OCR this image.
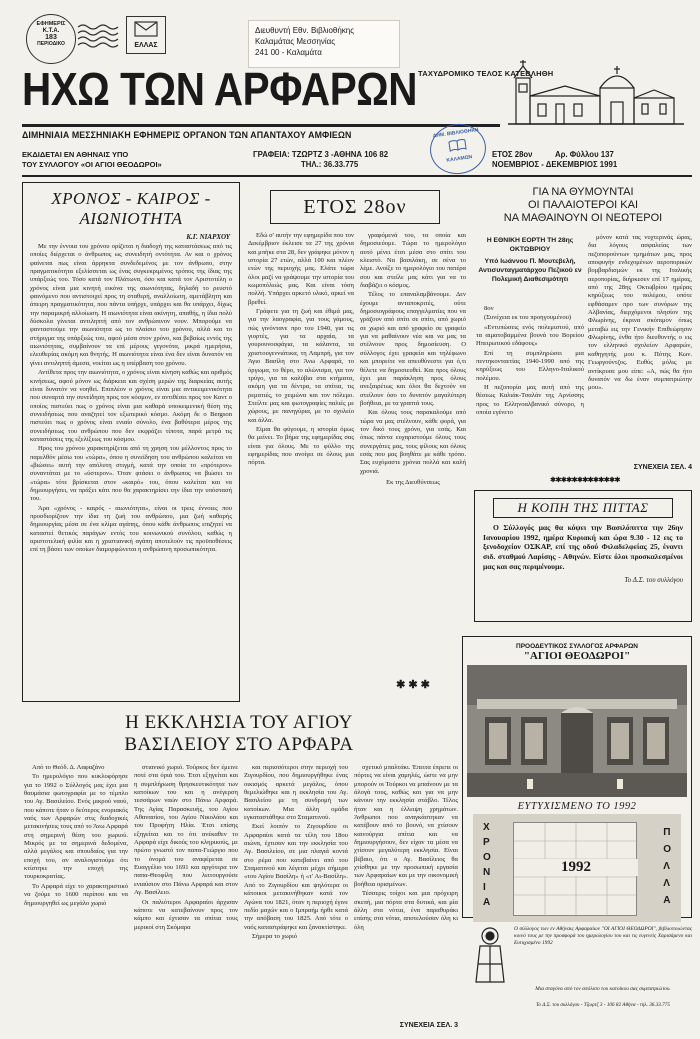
ΕΦΗΜΕΡΙΣ
Κ.Τ.Α.
183
ΠΕΡΙΟΔΙΚΟ	ΕΛΛΑΣ
Διευθυντή Εθν. Βιβλιοθήκης
Καλαμάτας Μεσσηνίας
241 00 - Καλαμάτα
ΤΑΧΥΔΡΟΜΙΚΟ ΤΕΛΟΣ ΚΑΤΕΒΛΗΘΗ
ΗΧΩ ΤΩΝ ΑΡΦΑΡΩΝ
ΔΙΜΗΝΙΑΙΑ ΜΕΣΣΗΝΙΑΚΗ ΕΦΗΜΕΡΙΣ ΟΡΓΑΝΟΝ ΤΩΝ ΑΠΑΝΤΑΧΟΥ ΑΜΦΙΕΩΝ	ΔΗΜ. ΒΙΒΛΙΟΘΗΚΗ
ΚΑΛΑΜΩΝ
ΕΚΔΙΔΕΤΑΙ ΕΝ ΑΘΗΝΑΙΣ ΥΠΟ
ΤΟΥ ΣΥΛΛΟΓΟΥ «ΟΙ ΑΓΙΟΙ ΘΕΟΔΩΡΟΙ»
ΓΡΑΦΕΙΑ: ΤΖΩΡΤΖ 3 -ΑΘΗΝΑ 106 82
ΤΗΛ.: 36.33.775
ΕΤΟΣ 28ον	Αρ. Φύλλου 137
ΝΟΕΜΒΡΙΟΣ - ΔΕΚΕΜΒΡΙΟΣ 1991
ΧΡΟΝΟΣ - ΚΑΙΡΟΣ -
ΑΙΩΝΙΟΤΗΤΑ
Κ.Γ. ΝΙΑΡΧΟΥ

Με την έννοια του χρόνου ορίζεται η διαδοχή της καταστάσεως από τις οποίες διέρχεται ο άνθρωπος ως συνειδητή οντότητα. Αν και ο χρόνος φαίνεται πως είναι άρρηκτα συνδεδεμένος με τον άνθρωπο, στην πραγματικότητα εξελίσσεται ως ένας συγκεκριμένος τρόπος της ίδιας της υπάρξεώς του. Τόσο κατά τον Πλάτωνα, όσο και κατά τον Αριστοτέλη ο χρόνος είναι μια κινητή εικόνα της αιωνιότητας, δηλαδή το ρευστό φαινόμενο που αντιστοιχεί προς τη σταθερή, αναλλοίωτη, αμετάβλητη και άπειρη πραγματικότητα, που πάντα υπήρχε, υπάρχει και θα υπάρχει, δίχως την παραμικρή αλλοίωση. Η αιωνιότητα είναι ακίνητη, απαθής, η ίδια πολύ δύσκολα γίνεται αντιληπτή από τον ανθρώπινον νουν. Μπορούμε να φανταστούμε την αιωνιότητα ως το πλαίσιο του χρόνου, αλλά και το στήριγμα της υπάρξεώς του, αφού μέσα στον χρόνο, και βεβαίως εντός της αιωνιότητας, συμβαίνουν τα επί μέρους γεγονότα, μικρά ημερήσια, ελευθερίας ακόμη και θνητής. Η αιωνιότητα είναι ένα δεν είναι δυνατόν να γίνει αντιληπτή άμεσα, νοείται ως η υπέρβαση του χρόνου.

Αντίθετα προς την αιωνιότητα, ο χρόνος είναι κίνηση καθώς και αριθμός κινήσεως, αφού μόνον ως διάρκεια και σχέση μερών της διαρκείας αυτής είναι δυνατόν να νοηθεί. Επιπλέον ο χρόνος είναι μια αντικειμενικότητα που συναρτά την συνείδηση προς τον κόσμον, εν αντιθέσει προς τον Καντ ο οποίος πιστεύει πως ο χρόνος είναι μια καθαρά υποκειμενική θέση της συνειδήσεως που αναζητεί τον εξωτερικό κόσμο. Ακόμη δε ο Bergson πιστεύει πως ο χρόνος είναι ενιαίο σύνολο, ένα βαθύτερα μέρος της συνειδήσεως του ανθρώπου που δεν εκφράζει τίποτα, παρά μετρά τις καταστάσεις της εξελίξεως του κόσμου.

Ηρος του χρόνου χαρακτηρίζεται από τη χρηση του μέλλοντος προς το παρελθόν μέσω του «τώρα», όπου η συνείδηση του ανθρώπου καλείται να «βιώσει» αυτή την απόλυτη στιγμή, κατά την οποία το «πρότερον» συναντάται με το «ύστερον». Όταν φτάσει ο άνθρωπος να βιώσει το «τώρα» τότε βρίσκεται στον «καιρό» του, όπου καλείται και να δημιουργήσει, να πράξει κάτι που θα χαρακτηρίσει την ίδια την υπόστασή του.

Άρα «χρόνος - καιρός - αιωνιότητα», είναι οι τρεις έννοιες που προσδιορίζουν την ίδια τη ζωή του ανθρώπου, μια ζωή καθαρής δημιουργίας μέσα σε ένα κλίμα αγάπης, όπου κάθε άνθρωπος επιζητεί να καταστεί θετικός παράγων εντός του κοινωνικού συνόλου, καθώς η αριστοτελική φιλία και η χριστιανική αγάπη αποτελούν τις προϋποθέσεις επί τη βάσει των οποίων διαμορφώνεται η ανθρώπινη προσωπικότητα.

ΕΤΟΣ 28ον

Εδώ σ' αυτήν την εφημερίδα που τον Δεκέμβριον έκλεισε τα 27 της χρόνια και μπήκε στα 28, δεν γράφηκε μόνον η ιστορία 27 ετών, αλλά 100 και πλέον ετών της περιοχής μας. Ελάτε τώρα όλοι μαζί να γράψουμε την ιστορία του κωμοπόλεώς μας. Και είναι τόση πολλή. Υπάρχει αρκετό υλικό, αρκεί να βρεθεί.

Γράφετε για τη ζωή και έθιμά μας, για την λαογραφία, για τους γάμους, πώς γινόντανε προ του 1940, για τις γιορτές, για τα αρχαία, τα γουρουνοσφάγια, τα κάλαντα, τα χριστουγεννιάτικα, τη Λαμπρή, για τον Άγιο Βασίλη στο Άνω Αρφαρά, το όργωμα, το θέρο, το αλώνισμα, για τον τρύγο, για τα καλύβια στα κτήματα, ακόμη για τα δέντρα, τα σπίτια, τις ρεματιές, το χειμώνα και τον πόλεμο. Στείλτε μας και φωτογραφίες παλιές με χώρους, με πανηγύρια, με το σχολείο και άλλα.

Είμαι θα φύγουμε, η ιστορία όμως θα μείνει. Το βήμα της εφημερίδας σας είναι για όλους. Με το φύλλο της εφημερίδας που ανοίγει σε όλους μια πόρτα.

γραφόμενά του, τα οποία και δημοσιεύομε. Τώρα το ημερολόγιο αυτό μένει έτσι μέσα στο σπίτι του κλειστό. Να βασιλάκη, σε σένα το λέμε. Ανοίξε το ημερολόγιο του πατέρα σου και στείλε μας κάτι για να το διαβάζει ο κόσμος.

Τέλος το επαναλαμβάνουμε. Δεν έχουμε ανταποκριτές, ούτε δημοσιογράφους επαγγελματίες που να γράζουν από σπίτι σε σπίτι, από χωριό σε χωριό και από γραφείο σε γραφείο για να μαθαίνουν νέα και να μας τα στέλνουν προς δημοσίευση. Ο σύλλογος έχει γραφεία και τηλέφωνο και μπορείτε να απευθύνεστε για ό,τι θέλετε να δημοσιευθεί. Και προς όλους έχει μια παράκληση προς όλους ανεξαιρέτως και όλοι θα δεχτούν να στείλουν όσο το δυνατόν μαγαλύτερη βοήθεια, με τα γραπτά τους.

Και όλους τους παρακαλούμε από τώρα να μας στέλνουν, κάθε φορά, για τον δικό τους χρόνο, για εσάς. Και όπως πάντα ευχαριστούμε όλους τους συνεργάτες μας, τους φίλους και όλους εσάς που μας βοηθάτε με κάθε τρόπο. Σας ευχόμαστε χρόνια πολλά και καλή χρονιά.

Εκ της Διευθύνσεως

✱ ✱ ✱
ΓΙΑ ΝΑ ΘΥΜΟΥΝΤΑΙ
ΟΙ ΠΑΛΑΙΟΤΕΡΟΙ ΚΑΙ
ΝΑ ΜΑΘΑΙΝΟΥΝ ΟΙ ΝΕΩΤΕΡΟΙ
Η ΕΘΝΙΚΗ ΕΟΡΤΗ ΤΗ 28ης ΟΚΤΩΒΡΙΟΥ
Υπό Ιωάννου Π. Μουτεβελή, Αντισυνταγματάρχου Πεζικού εν Πολεμική Διαθεσιμότητι

8ον

(Συνέχεια εκ του προηγουμένου)

«Εντυπώσεις ενός πολεμιστού, από τα αιματοβαμμένα βουνά του Βορείου Ηπειρωτικού εδάφους»

Επί τη συμπληρώσει μια πεντηκονταετίας 1940-1990 από της κηρύξεως του Ελληνο-Ιταλικού πολέμου.

Η πεζοπορία μας αυτή από της θέσεως Καλιάκ-Τσαλάν της Αρνίσσης προς το Ελληνοαλβανικό σύνορο, η οποία εγένετο

μόνον κατά τας νυχτερινάς ώρας, δια λόγους ασφαλείας των πεζοπορούντων τμημάτων μας, προς αποφυγήν ενδεχομένων αεροπορικών βομβαρδισμών εκ της Ιταλικής αεροπορίας, διήρκεσεν επί 17 ημέρας, από της 28ης Οκτωβρίου ημέρας κηρύξεως του πολέμου, οπότε εφθάσαμεν προ των συνόρων της Αλβανίας, διερχόμενοι πλησίον της Φλωρίνης, έκρινα σκόπιμον όπως μεταβώ εις την Γενικήν Επιθεώρησιν Φλωρίνης, ένθα ήτο διευθυντής ο εις τον ελληνικό σχολείον Αρφαρών, καθηγητής μου κ. Πότης Κων. Γεωργούντζος. Ευθύς μόλις με αντίκρυσε μου είπε: «Α, πώς θα ήτο δυνατόν να δω έναν συμπατριώτην μου».

ΣΥΝΕΧΕΙΑ ΣΕΛ. 4
✱✱✱✱✱✱✱✱✱✱✱✱✱
Η ΚΟΠΗ ΤΗΣ ΠΙΤΤΑΣ
Ο Σύλλογός μας θα κόψει την Βασιλόπιττα την 26ην Ιανουαρίου 1992, ημέρα Κυριακή και ώρα 9.30 - 12 εις το ξενοδοχείον ΟΣΚΑΡ, επί της οδού Φιλαδελφείας 25, έναντι σιδ. σταθμού Λαρίσης - Αθηνών. Είστε όλοι προσκαλεσμένοι μας και σας περιμένουμε.
Το Δ.Σ. του συλλόγου
Η ΕΚΚΛΗΣΙΑ ΤΟΥ ΑΓΙΟΥ
ΒΑΣΙΛΕΙΟΥ ΣΤΟ ΑΡΦΑΡΑ

Από το Θεόδ. Δ. Λαφαζάνο

Το ημερολόγιο που κυκλοφόρησε για το 1992 ο Σύλλογός μας έχει μια θαυμάσια φωτογραφία με το τέμπλο του Αγ. Βασιλείου. Ενός μικρού ναού, που κάποτε ήταν ο δεύτερος ενοριακός ναός των Αρφαρών στις διαδοχικές μετακινήσεις τους από το Άνω Αρφαρά στη σημερινή θέση του χωριού. Μικρός με τα σημερινά δεδομένα, αλλά μεγάλος και σπουδαίος για την εποχή του, αν αναλογιστούμε ότι κτίστηκε την εποχή της τουρκοκρατίας.

Το Αρφαρά είχε το χαρακτηριστικό να ζούμε το 1600 περίπου και να δημιουργηθεί ως μεγάλο χωριό

στιανικό χωριό. Τούρκος δεν έμεινε ποτέ στα όριά του. Έτσι εξηγείται και η συμπλήρωση θρησκευτικότητα των κατοίκων του και η ανέγερση τεσσάρων ναών στο Πάνω Αρφαρά. Της Αγίας Παρασκευής, του Αγίου Αθανασίου, του Αγίου Νικολάου και του Προφήτη Ηλία. Έτσι επίσης εξηγείται και το ότι ανέκαθεν το Αρφαρά είχε δικούς του κληρικούς, με πρώτο γνωστό τον παπα-Γεώργιο που το όνομά του αναφέρεται σε Ευαγγέλιο του 1691 και αργότερα τον παπα-Θεοφίλη που λειτουργούσε ενιαύσιον στο Πάνω Αρφαρά και στον Αγ. Βασίλειο.

Οι παλιότεροι Αρφαραίοι άρχισαν κάποτε να κατεβαίνουν προς τον κάμπο και έχτισαν τα σπίτια τους μερικοί στη Σκόμαρα

και περισσότεροι στην περιοχή του Ζιγουρδίου, που δημιουργήθηκε ένας οικισμός αρκετά μεγάλος, όπου θεμελιώθηκε και η εκκλησία του Αγ. Βασιλείου με τη συνδρομή των κατοίκων. Μια άλλη ομάδα εγκαταστάθηκε στο Σταματινού.

Εκεί λοιπόν το Ζιγουρδίου οι Αρφαραίοι κατά τα τέλη του 18ου αιώνα, έχτισαν και την εκκλησία του Αγ. Βασιλείου, σε μια πλαγιά κοντά στο ρέμα που κατεβαίνει από του Σταματινού και λέγεται μέχρι σήμερα «του Αγίου Βασίλη» ή «τ' Αι-Βασίλη». Από το Ζιγουρδίου και ψηλότερα οι κάτοικοι μετακινήθηκαν κατά τον Αγώνα του 1821, όταν η περιοχή έγινε πεδίο μαχών και ο Ιμπραήμ ήρθε κατά την απόβαση του 1825. Από τότε ο ναός καταστράφηκε και ξανακτίστηκε.

Σήμερα το χωριό

σχετικό μπαλτάκι. Έπειτα έπρεπε οι πόρτες να είναι χαμηλές, ώστε να μην μπορούν οι Τούρκοι να μπαίνουν με τα άλογά τους, καθώς και για να μην κάνουν την εκκλησία στάβλο. Τέλος ήταν και η έλλειψη χρημάτων. Άνθρωποι που αναγκάστηκαν να κατέβουν από το βουνό, να χτίσουν καινούργια σπίτια και να δημιουργήσουν, δεν είχαν τα μέσα να χτίσουν μεγαλύτερη εκκλησία. Είναι βέβαιο, ότι ο Αγ. Βασίλειος θα χτίσθηκε με την προσωπική εργασία των Αρφαραίων και με την οικονομική βοήθεια ορισμένων.

Τέσσερις τοίχοι και μια πρόχειρη σκεπή, μια πόρτα στα δυτικά, και μία άλλη στα νότια, ένα παραθυράκι επίσης στα νότια, αποτελούσαν όλη κι όλη

ΣΥΝΕΧΕΙΑ ΣΕΛ. 3
ΠΡΟΟΔΕΥΤΙΚΟΣ ΣΥΛΛΟΓΟΣ ΑΡΦΑΡΩΝ
"ΑΓΙΟΙ ΘΕΟΔΩΡΟΙ"
ΕΥΤΥΧΙΣΜΕΝΟ ΤΟ 1992
Χ
Ρ
Ο
Ν
Ι
Α
1992
Π
Ο
Λ
Λ
Α
Ο σύλλογος των εν Αθήναις Αρφαραίων "ΟΙ ΑΓΙΟΙ ΘΕΟΔΩΡΟΙ", βιβλιοποιώντας κοινό τους με την προσφορά του ημερολογίου του και τις ευγενείς Χαρισάμενο και Ευτυχισμένο 1992
Μια σταγόνα από τον απόλυτο του κατοίκου σας συμπατριώτου.
Το Δ.Σ. του συλλόγου - Τζωρτζ 3 - 106 82 Αθήνα - τηλ. 36.33.775
